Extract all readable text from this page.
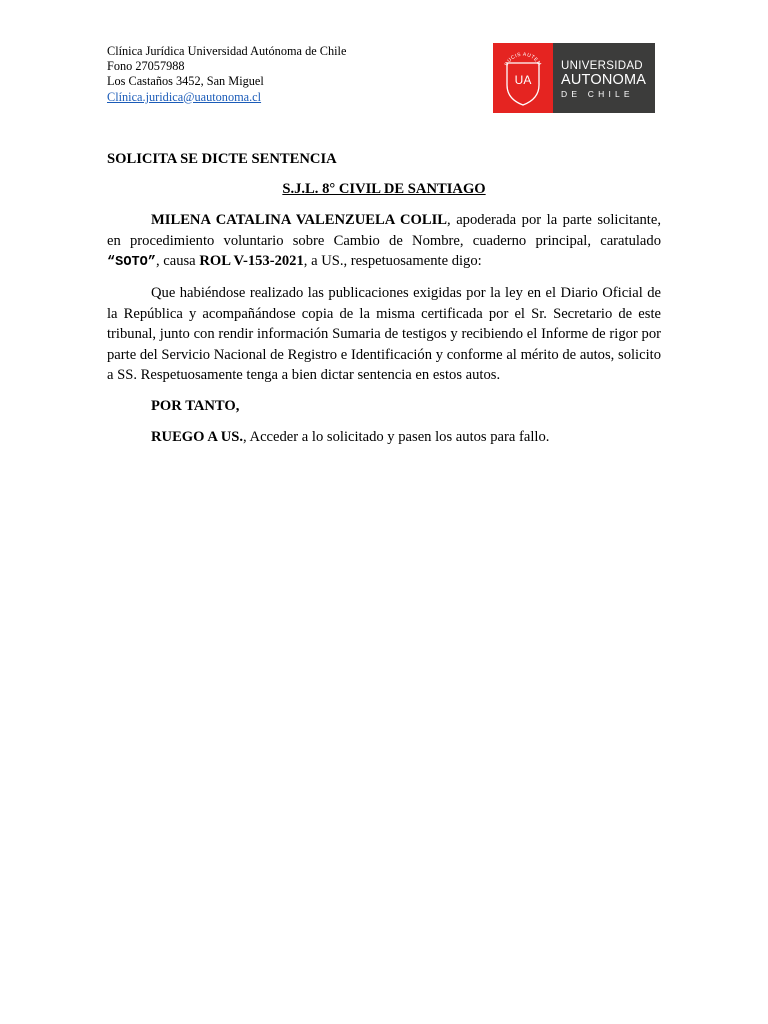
Clínica Jurídica Universidad Autónoma de Chile
Fono 27057988
Los Castaños 3452, San Miguel
Clínica.juridica@uautonoma.cl
DUCIS AUTEM
UA
UNIVERSIDAD
AUTONOMA
DE CHILE
SOLICITA SE DICTE SENTENCIA
S.J.L. 8° CIVIL DE SANTIAGO

MILENA CATALINA VALENZUELA COLIL, apoderada por la parte solicitante, en procedimiento voluntario sobre Cambio de Nombre, cuaderno principal, caratulado “SOTO”, causa ROL V-153-2021, a US., respetuosamente digo:

Que habiéndose realizado las publicaciones exigidas por la ley en el Diario Oficial de la República y acompañándose copia de la misma certificada por el Sr. Secretario de este tribunal, junto con rendir información Sumaria de testigos y recibiendo el Informe de rigor por parte del Servicio Nacional de Registro e Identificación y conforme al mérito de autos, solicito a SS. Respetuosamente tenga a bien dictar sentencia en estos autos.

POR TANTO,

RUEGO A US., Acceder a lo solicitado y pasen los autos para fallo.
